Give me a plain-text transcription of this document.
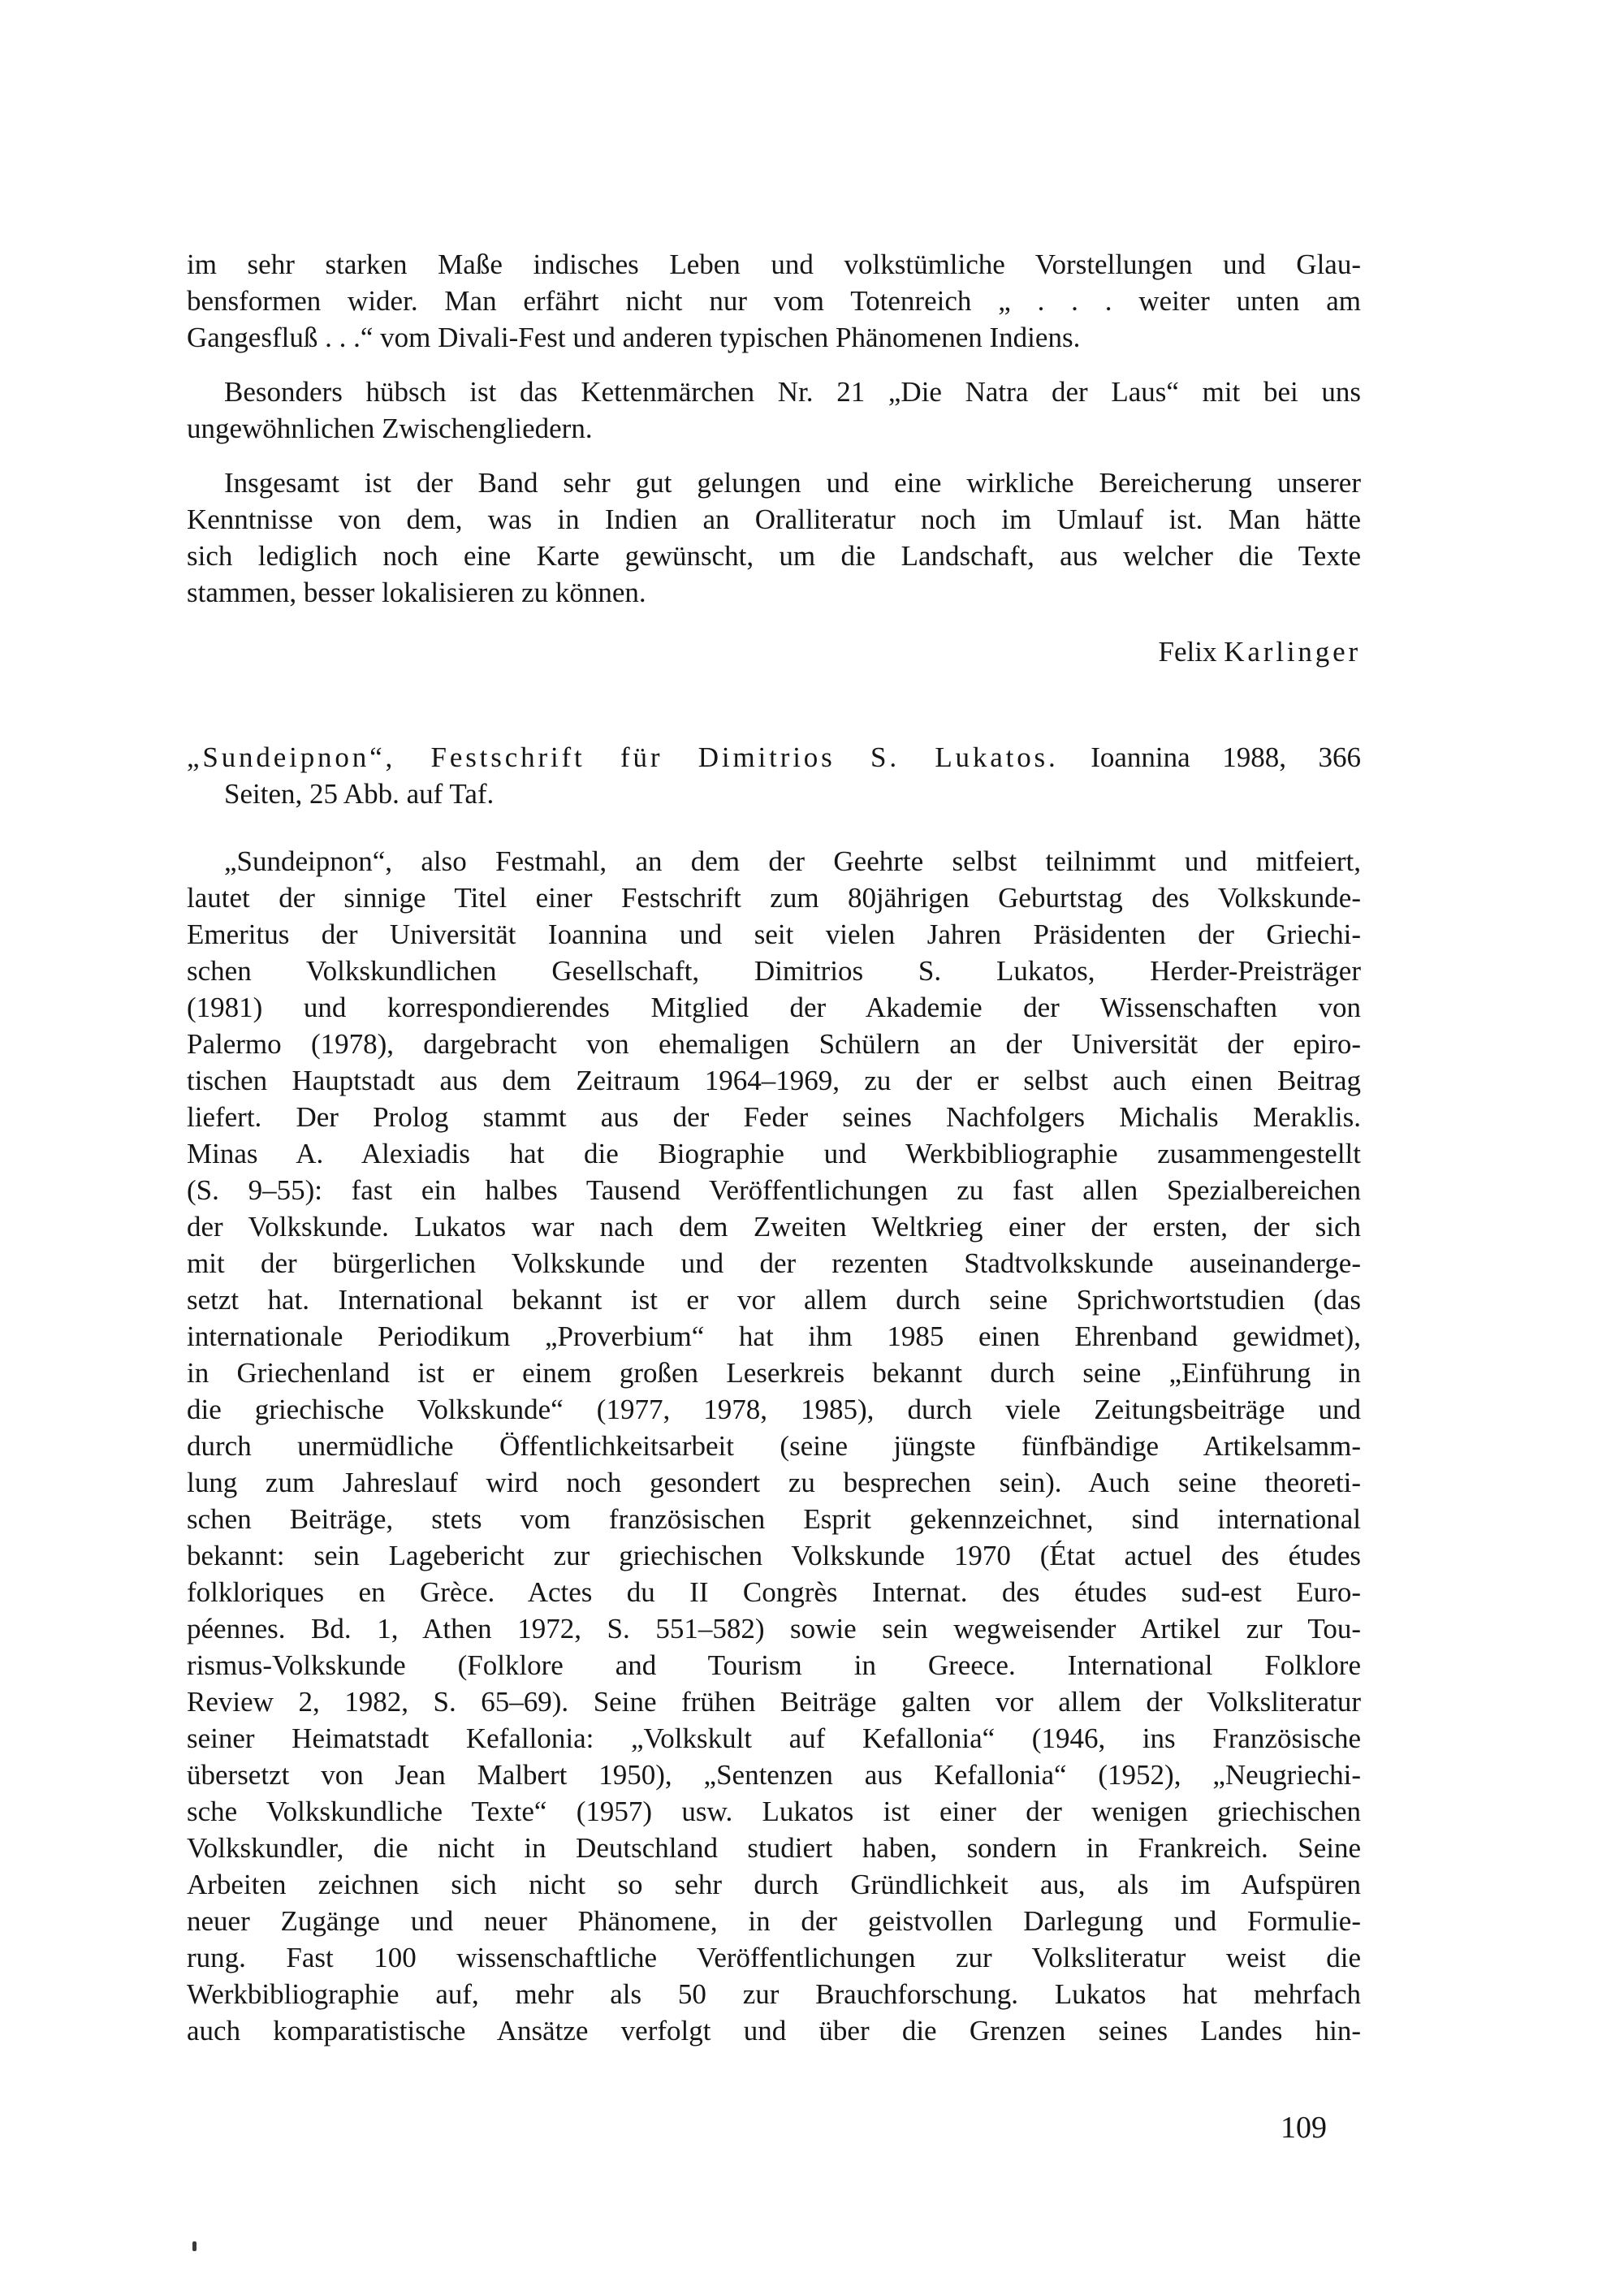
im sehr starken Maße indisches Leben und volkstümliche Vorstellungen und Glau-
bensformen wider. Man erfährt nicht nur vom Totenreich „ . . . weiter unten am
Gangesfluß . . .“ vom Divali-Fest und anderen typischen Phänomenen Indiens.

Besonders hübsch ist das Kettenmärchen Nr. 21 „Die Natra der Laus“ mit bei uns
ungewöhnlichen Zwischengliedern.

Insgesamt ist der Band sehr gut gelungen und eine wirkliche Bereicherung unserer
Kenntnisse von dem, was in Indien an Oralliteratur noch im Umlauf ist. Man hätte
sich lediglich noch eine Karte gewünscht, um die Landschaft, aus welcher die Texte
stammen, besser lokalisieren zu können.

Felix Karlinger
„Sundeipnon“, Festschrift für Dimitrios S. Lukatos. Ioannina 1988, 366
Seiten, 25 Abb. auf Taf.

„Sundeipnon“, also Festmahl, an dem der Geehrte selbst teilnimmt und mitfeiert,
lautet der sinnige Titel einer Festschrift zum 80jährigen Geburtstag des Volkskunde-
Emeritus der Universität Ioannina und seit vielen Jahren Präsidenten der Griechi-
schen Volkskundlichen Gesellschaft, Dimitrios S. Lukatos, Herder-Preisträger
(1981) und korrespondierendes Mitglied der Akademie der Wissenschaften von
Palermo (1978), dargebracht von ehemaligen Schülern an der Universität der epiro-
tischen Hauptstadt aus dem Zeitraum 1964–1969, zu der er selbst auch einen Beitrag
liefert. Der Prolog stammt aus der Feder seines Nachfolgers Michalis Meraklis.
Minas A. Alexiadis hat die Biographie und Werkbibliographie zusammengestellt
(S. 9–55): fast ein halbes Tausend Veröffentlichungen zu fast allen Spezialbereichen
der Volkskunde. Lukatos war nach dem Zweiten Weltkrieg einer der ersten, der sich
mit der bürgerlichen Volkskunde und der rezenten Stadtvolkskunde auseinanderge-
setzt hat. International bekannt ist er vor allem durch seine Sprichwortstudien (das
internationale Periodikum „Proverbium“ hat ihm 1985 einen Ehrenband gewidmet),
in Griechenland ist er einem großen Leserkreis bekannt durch seine „Einführung in
die griechische Volkskunde“ (1977, 1978, 1985), durch viele Zeitungsbeiträge und
durch unermüdliche Öffentlichkeitsarbeit (seine jüngste fünfbändige Artikelsamm-
lung zum Jahreslauf wird noch gesondert zu besprechen sein). Auch seine theoreti-
schen Beiträge, stets vom französischen Esprit gekennzeichnet, sind international
bekannt: sein Lagebericht zur griechischen Volkskunde 1970 (État actuel des études
folkloriques en Grèce. Actes du II Congrès Internat. des études sud-est Euro-
péennes. Bd. 1, Athen 1972, S. 551–582) sowie sein wegweisender Artikel zur Tou-
rismus-Volkskunde (Folklore and Tourism in Greece. International Folklore
Review 2, 1982, S. 65–69). Seine frühen Beiträge galten vor allem der Volksliteratur
seiner Heimatstadt Kefallonia: „Volkskult auf Kefallonia“ (1946, ins Französische
übersetzt von Jean Malbert 1950), „Sentenzen aus Kefallonia“ (1952), „Neugriechi-
sche Volkskundliche Texte“ (1957) usw. Lukatos ist einer der wenigen griechischen
Volkskundler, die nicht in Deutschland studiert haben, sondern in Frankreich. Seine
Arbeiten zeichnen sich nicht so sehr durch Gründlichkeit aus, als im Aufspüren
neuer Zugänge und neuer Phänomene, in der geistvollen Darlegung und Formulie-
rung. Fast 100 wissenschaftliche Veröffentlichungen zur Volksliteratur weist die
Werkbibliographie auf, mehr als 50 zur Brauchforschung. Lukatos hat mehrfach
auch komparatistische Ansätze verfolgt und über die Grenzen seines Landes hin-

109
